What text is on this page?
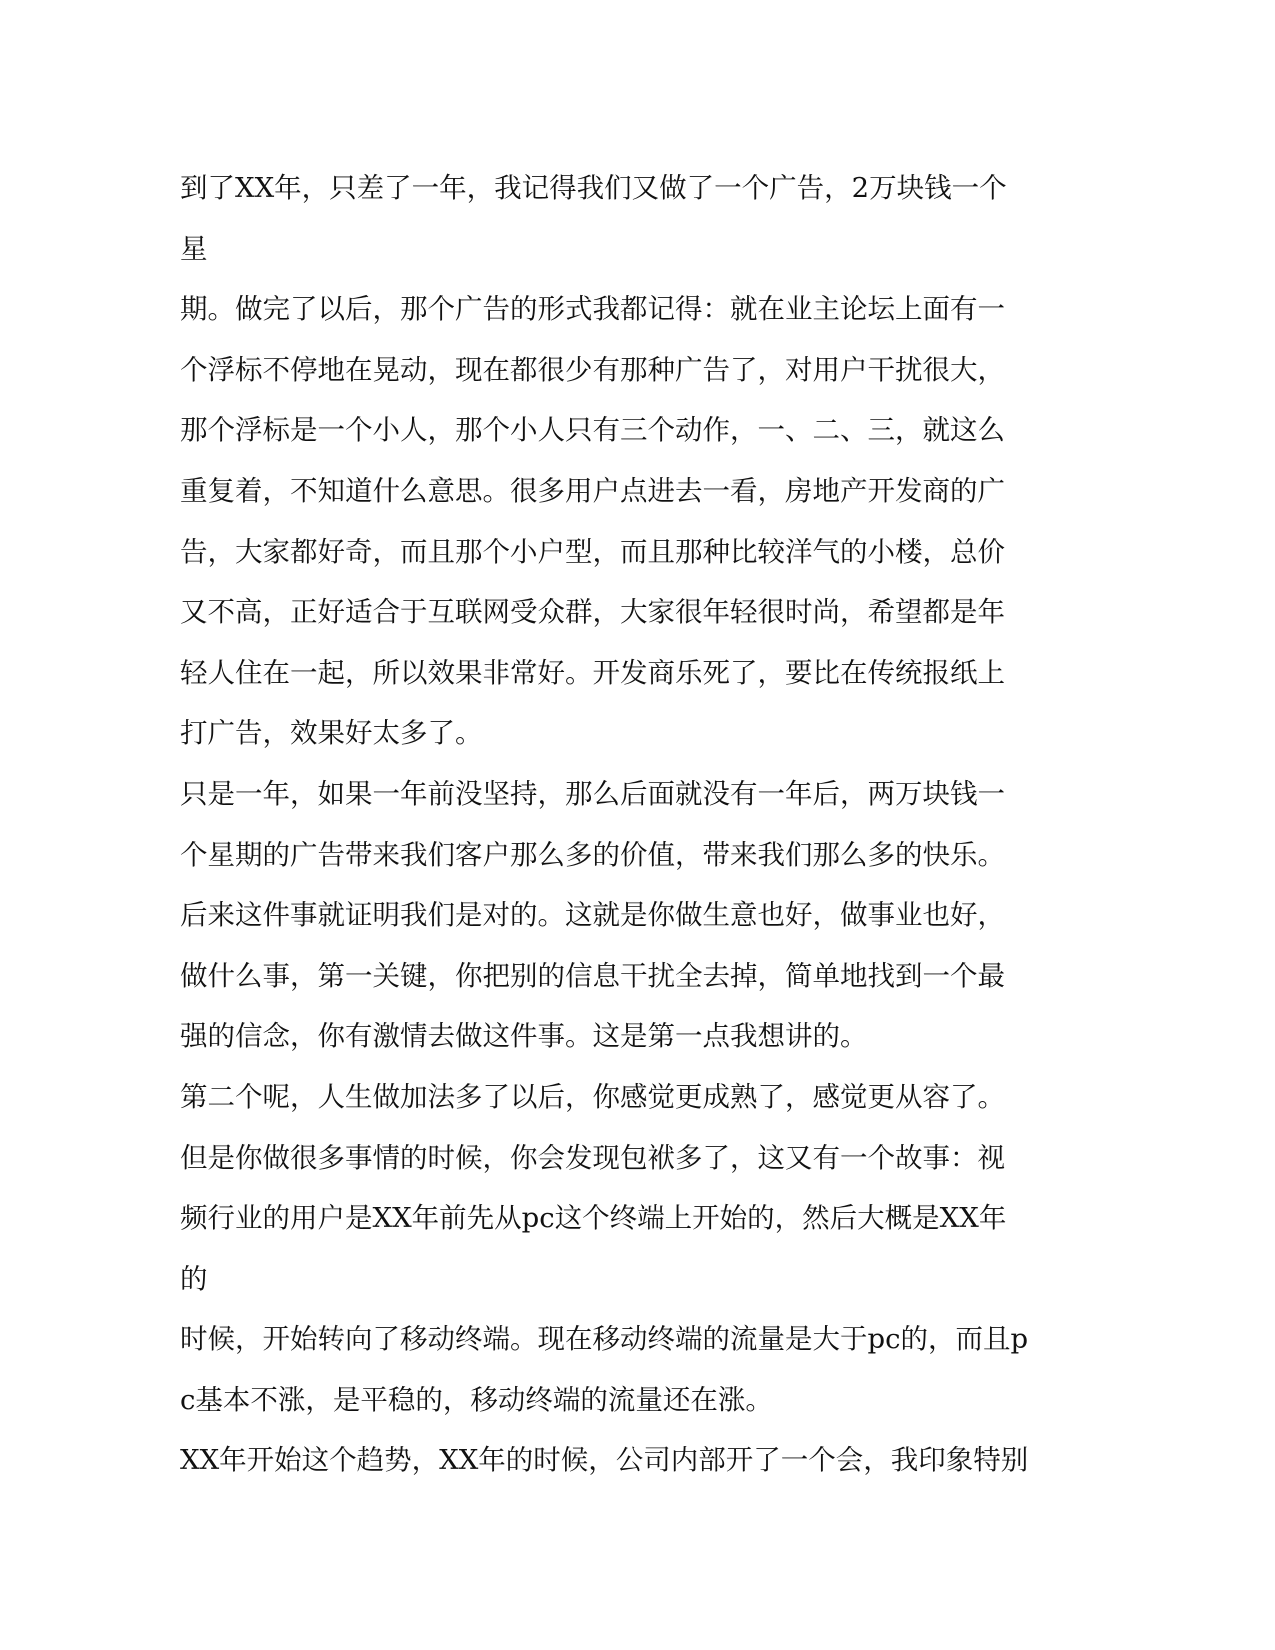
到了XX年，只差了一年，我记得我们又做了一个广告，2万块钱一个星
期。做完了以后，那个广告的形式我都记得：就在业主论坛上面有一
个浮标不停地在晃动，现在都很少有那种广告了，对用户干扰很大，
那个浮标是一个小人，那个小人只有三个动作，一、二、三，就这么
重复着，不知道什么意思。很多用户点进去一看，房地产开发商的广
告，大家都好奇，而且那个小户型，而且那种比较洋气的小楼，总价
又不高，正好适合于互联网受众群，大家很年轻很时尚，希望都是年
轻人住在一起，所以效果非常好。开发商乐死了，要比在传统报纸上
打广告，效果好太多了。

只是一年，如果一年前没坚持，那么后面就没有一年后，两万块钱一
个星期的广告带来我们客户那么多的价值，带来我们那么多的快乐。
后来这件事就证明我们是对的。这就是你做生意也好，做事业也好，
做什么事，第一关键，你把别的信息干扰全去掉，简单地找到一个最
强的信念，你有激情去做这件事。这是第一点我想讲的。

第二个呢，人生做加法多了以后，你感觉更成熟了，感觉更从容了。
但是你做很多事情的时候，你会发现包袱多了，这又有一个故事：视
频行业的用户是XX年前先从pc这个终端上开始的，然后大概是XX年的
时候，开始转向了移动终端。现在移动终端的流量是大于pc的，而且p
c基本不涨，是平稳的，移动终端的流量还在涨。

XX年开始这个趋势，XX年的时候，公司内部开了一个会，我印象特别
